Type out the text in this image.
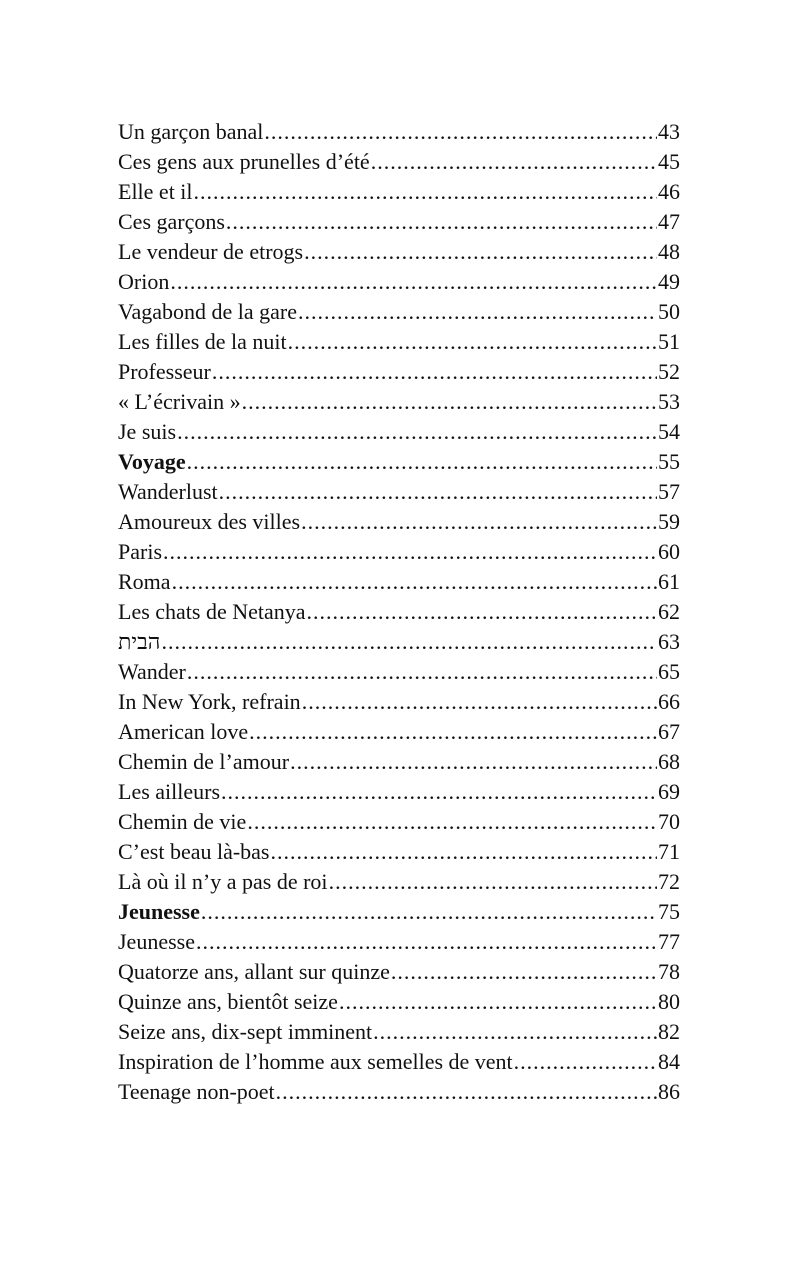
Un garçon banal .....	43
Ces gens aux prunelles d’été .....	45
Elle et il .....	46
Ces garçons .....	47
Le vendeur de etrogs .....	48
Orion .....	49
Vagabond de la gare .....	50
Les filles de la nuit .....	51
Professeur .....	52
« L’écrivain » .....	53
Je suis .....	54
Voyage .....	55
Wanderlust .....	57
Amoureux des villes .....	59
Paris .....	60
Roma .....	61
Les chats de Netanya .....	62
הבית .....	63
Wander .....	65
In New York, refrain .....	66
American love .....	67
Chemin de l’amour .....	68
Les ailleurs .....	69
Chemin de vie .....	70
C’est beau là-bas .....	71
Là où il n’y a pas de roi .....	72
Jeunesse .....	75
Jeunesse .....	77
Quatorze ans, allant sur quinze .....	78
Quinze ans, bientôt seize .....	80
Seize ans, dix-sept imminent .....	82
Inspiration de l’homme aux semelles de vent .....	84
Teenage non-poet .....	86
